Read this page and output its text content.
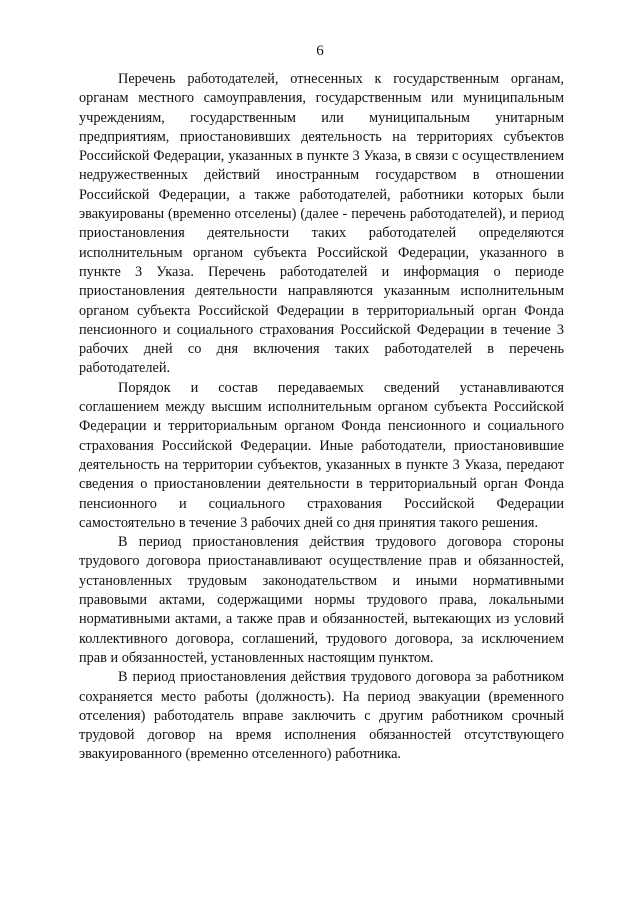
6

Перечень работодателей, отнесенных к государственным органам, органам местного самоуправления, государственным или муниципальным учреждениям, государственным или муниципальным унитарным предприятиям, приостановивших деятельность на территориях субъектов Российской Федерации, указанных в пункте 3 Указа, в связи с осуществлением недружественных действий иностранным государством в отношении Российской Федерации, а также работодателей, работники которых были эвакуированы (временно отселены) (далее - перечень работодателей), и период приостановления деятельности таких работодателей определяются исполнительным органом субъекта Российской Федерации, указанного в пункте 3 Указа. Перечень работодателей и информация о периоде приостановления деятельности направляются указанным исполнительным органом субъекта Российской Федерации в территориальный орган Фонда пенсионного и социального страхования Российской Федерации в течение 3 рабочих дней со дня включения таких работодателей в перечень работодателей.

Порядок и состав передаваемых сведений устанавливаются соглашением между высшим исполнительным органом субъекта Российской Федерации и территориальным органом Фонда пенсионного и социального страхования Российской Федерации. Иные работодатели, приостановившие деятельность на территории субъектов, указанных в пункте 3 Указа, передают сведения о приостановлении деятельности в территориальный орган Фонда пенсионного и социального страхования Российской Федерации самостоятельно в течение 3 рабочих дней со дня принятия такого решения.

В период приостановления действия трудового договора стороны трудового договора приостанавливают осуществление прав и обязанностей, установленных трудовым законодательством и иными нормативными правовыми актами, содержащими нормы трудового права, локальными нормативными актами, а также прав и обязанностей, вытекающих из условий коллективного договора, соглашений, трудового договора, за исключением прав и обязанностей, установленных настоящим пунктом.

В период приостановления действия трудового договора за работником сохраняется место работы (должность). На период эвакуации (временного отселения) работодатель вправе заключить с другим работником срочный трудовой договор на время исполнения обязанностей отсутствующего эвакуированного (временно отселенного) работника.
